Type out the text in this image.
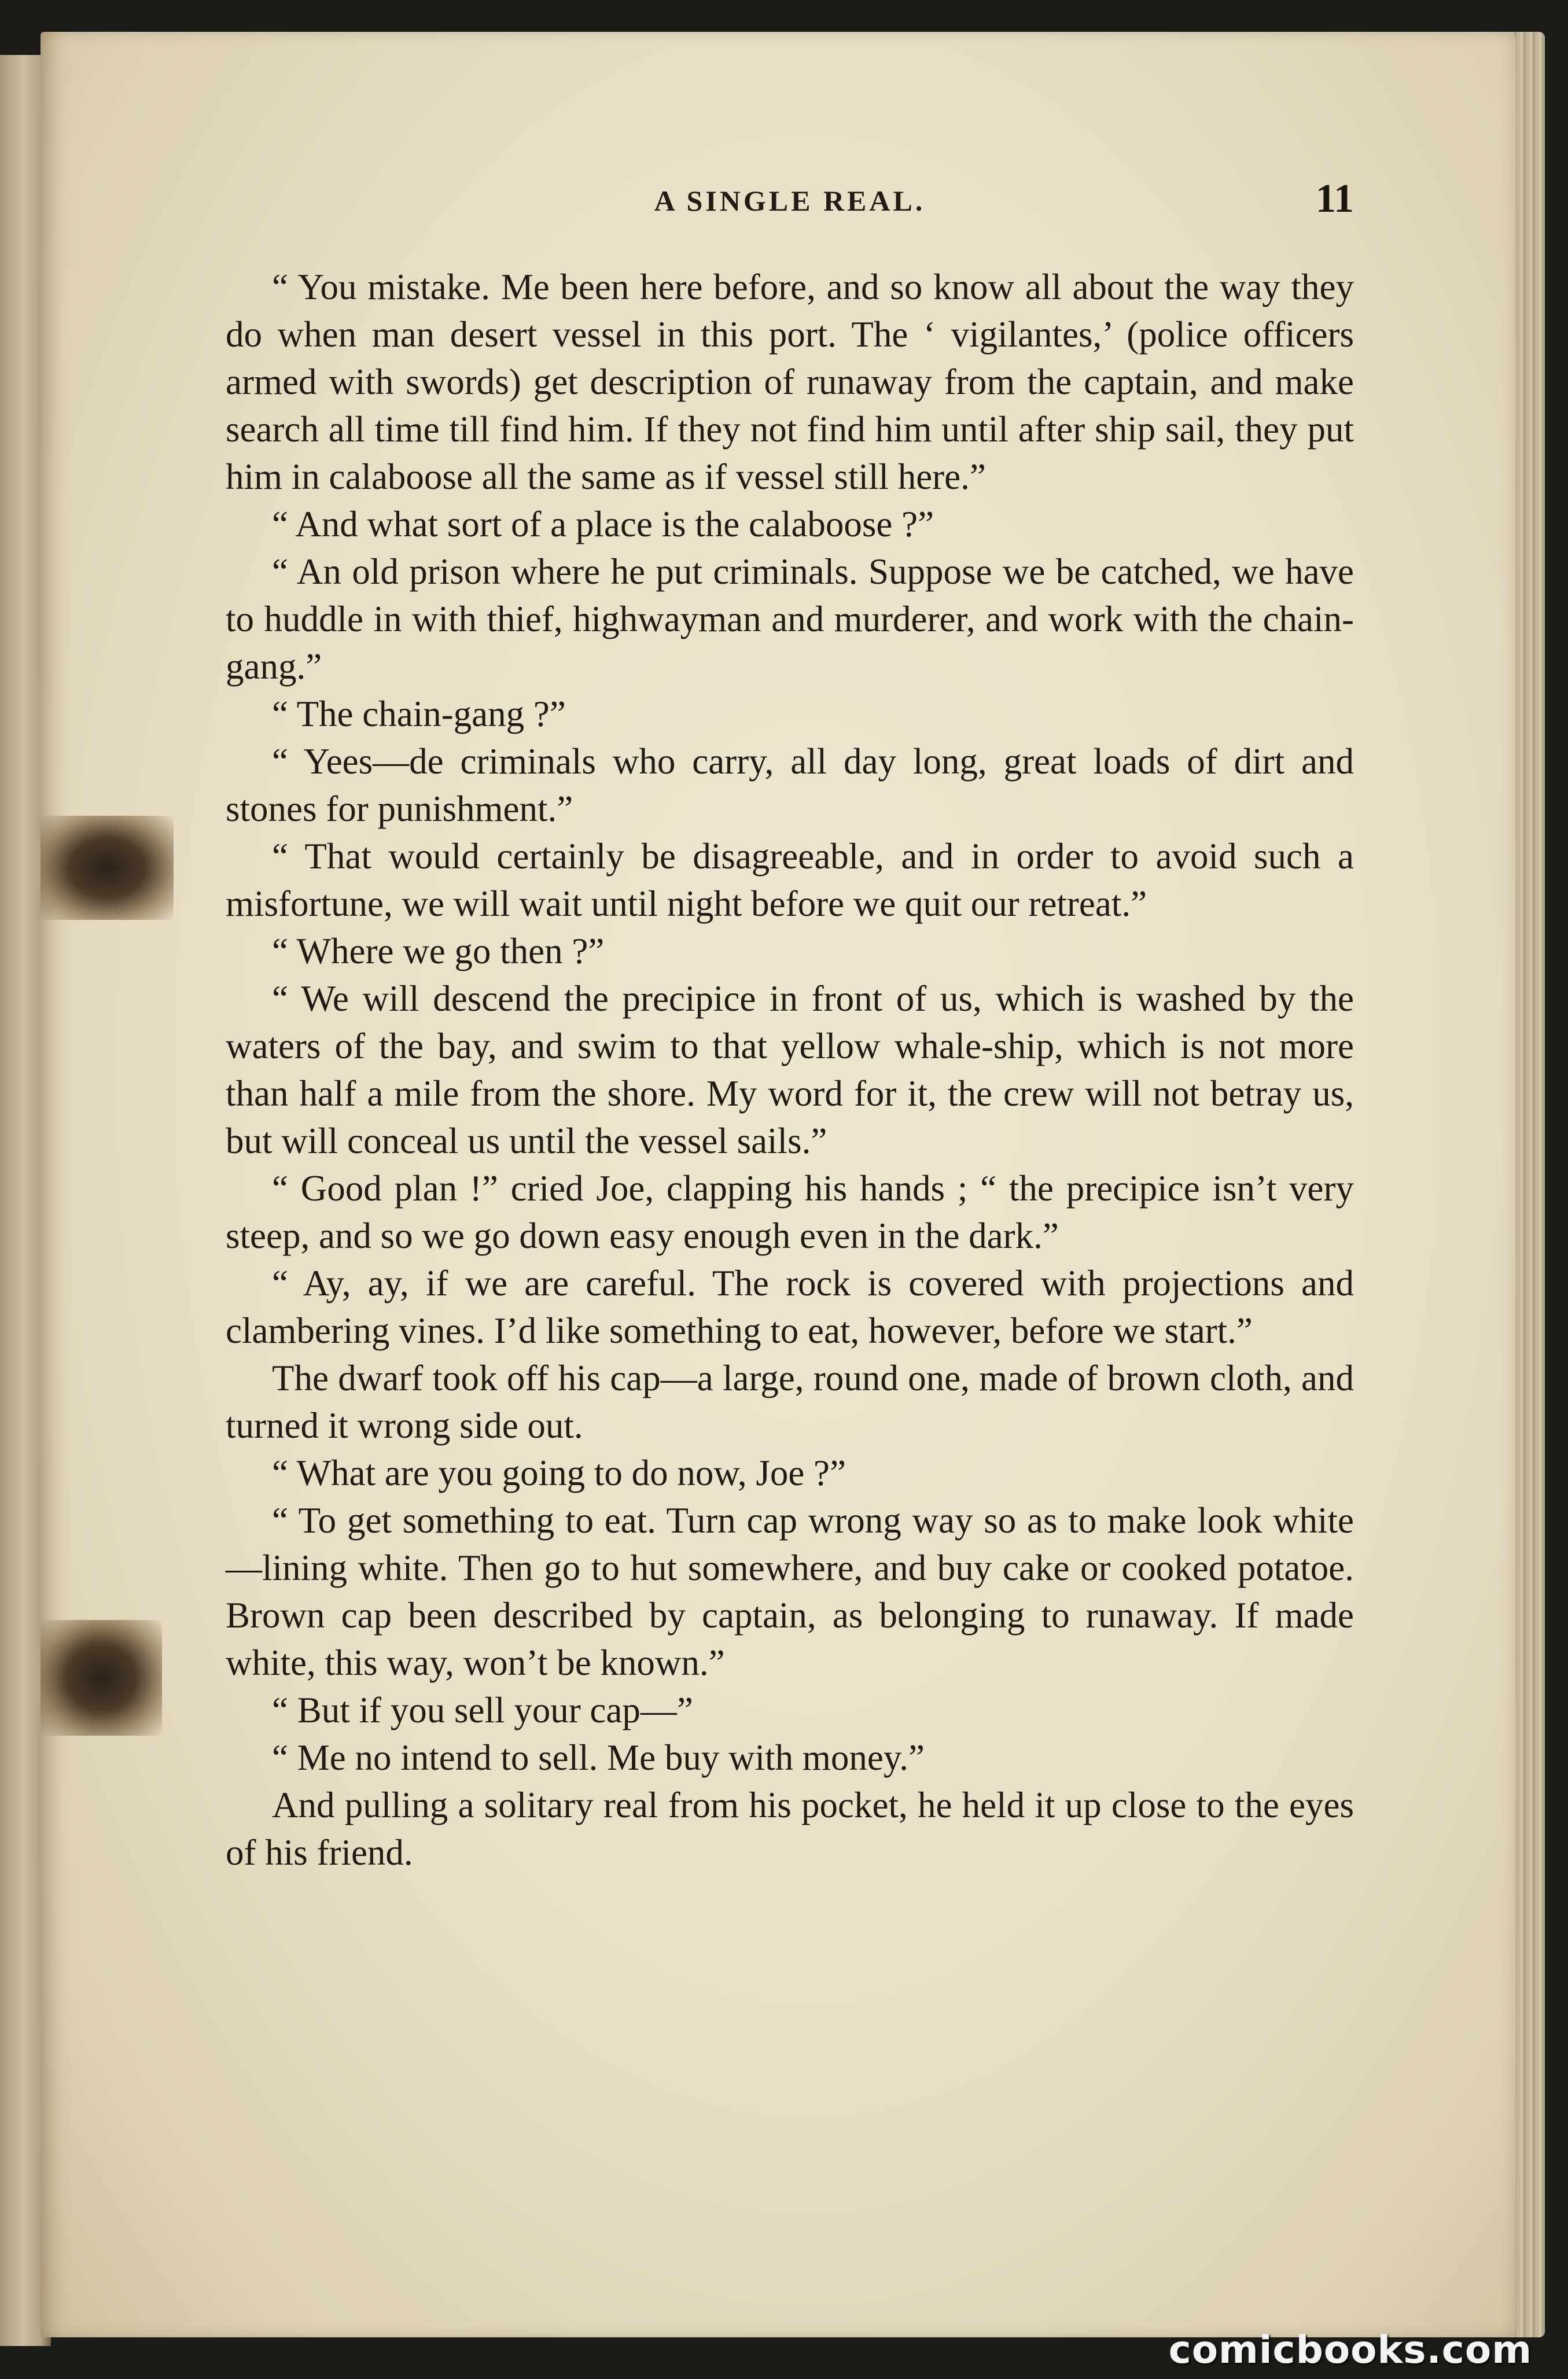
A SINGLE REAL.	11

“ You mistake. Me been here before, and so know all about the way they do when man desert vessel in this port. The ‘ vigilantes,’ (police officers armed with swords) get description of runaway from the captain, and make search all time till find him. If they not find him until after ship sail, they put him in calaboose all the same as if vessel still here.”

“ And what sort of a place is the calaboose ?”

“ An old prison where he put criminals. Suppose we be catched, we have to huddle in with thief, highwayman and murderer, and work with the chain-gang.”

“ The chain-gang ?”

“ Yees—de criminals who carry, all day long, great loads of dirt and stones for punishment.”

“ That would certainly be disagreeable, and in order to avoid such a misfortune, we will wait until night before we quit our retreat.”

“ Where we go then ?”

“ We will descend the precipice in front of us, which is washed by the waters of the bay, and swim to that yellow whale-ship, which is not more than half a mile from the shore. My word for it, the crew will not betray us, but will conceal us until the vessel sails.”

“ Good plan !” cried Joe, clapping his hands ; “ the precipice isn’t very steep, and so we go down easy enough even in the dark.”

“ Ay, ay, if we are careful. The rock is covered with projections and clambering vines. I’d like something to eat, however, before we start.”

The dwarf took off his cap—a large, round one, made of brown cloth, and turned it wrong side out.

“ What are you going to do now, Joe ?”

“ To get something to eat. Turn cap wrong way so as to make look white—lining white. Then go to hut somewhere, and buy cake or cooked potatoe. Brown cap been described by captain, as belonging to runaway. If made white, this way, won’t be known.”

“ But if you sell your cap—”

“ Me no intend to sell. Me buy with money.”

And pulling a solitary real from his pocket, he held it up close to the eyes of his friend.

comicbooks.com
